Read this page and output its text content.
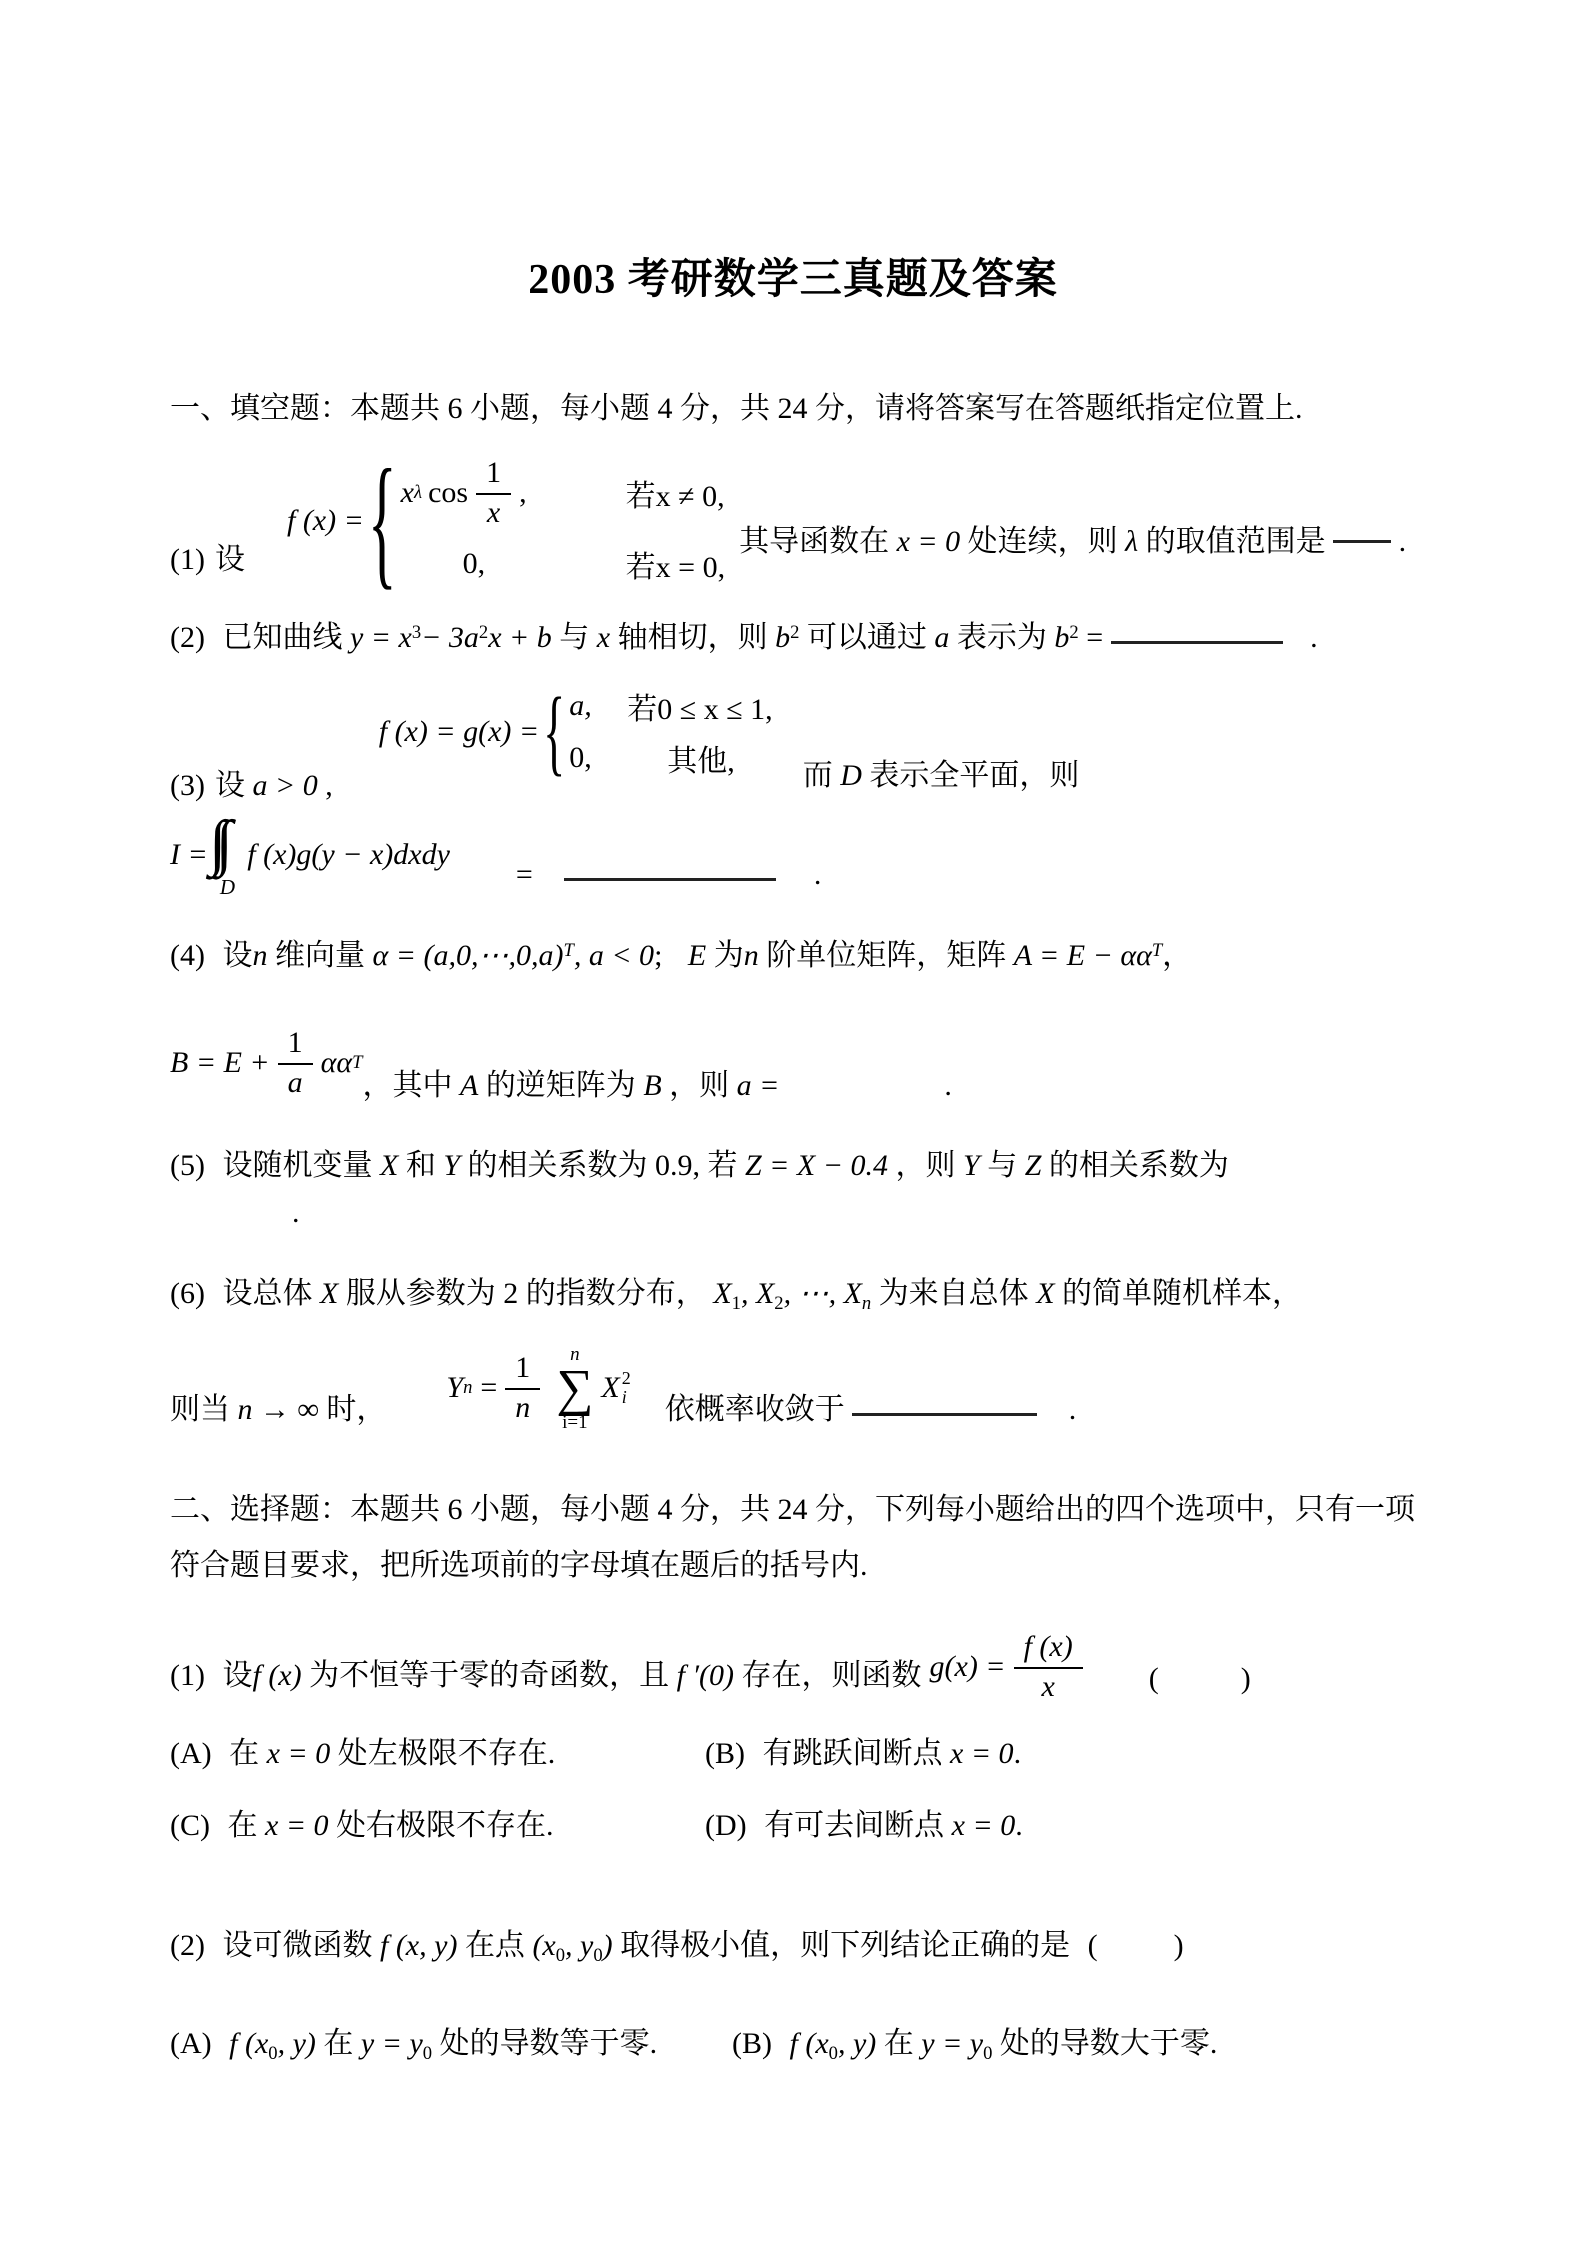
2003 考研数学三真题及答案
一、填空题：本题共 6 小题，每小题 4 分，共 24 分，请将答案写在答题纸指定位置上.
(1) 设
f (x) = { x λ $\cos \frac{1}{x}$ ,	若x ≠ 0,
0,	若x = 0,
其导函数在 x = 0 处连续，则 λ 的取值范围是 .
(2) 已知曲线 $y = x^3- 3a^2x + b$ 与 x 轴相切，则 $b^2$ 可以通过 a 表示为 $b^2$ =	.
(3) 设 a > 0 ,
f (x) = g(x) = { a,	若0 ≤ x ≤ 1,
0,	其他, 而 D 表示全平面，则
I =
D
f (x)g(y − x)dxdy
=	.
(4) 设n 维向量 α = (a,0,⋯,0,a)$^T$, a < 0; E 为n 阶单位矩阵，矩阵 $A = E - \alpha\alpha^T$，
$B = E + \frac{1}{a}$ αα T
，其中 A 的逆矩阵为 B ，则 a =	.
(5) 设随机变量 X 和 Y 的相关系数为 0.9, 若 Z = X − 0.4 ，则 Y 与 Z 的相关系数为
.
(6) 设总体 X 服从参数为 2 的指数分布， $X_1$, $X_2$, ⋯, $X_n$ 为来自总体 X 的简单随机样本，
则当 n → ∞ 时，
Y $n = \frac{1}{n}$ n
∑
i=1
X 2
i 依概率收敛于	.
二、选择题：本题共 6 小题，每小题 4 分，共 24 分，下列每小题给出的四个选项中，只有一项符合题目要求，把所选项前的字母填在题后的括号内.
(1) 设f (x) 为不恒等于零的奇函数，且 f ′(0) 存在，则函数 $g(x) = \frac{f (x)}{x}$ (	)
(A) 在 x = 0 处左极限不存在.	(B) 有跳跃间断点 x = 0.
(C) 在 x = 0 处右极限不存在.	(D) 有可去间断点 x = 0.
(2) 设可微函数 f (x, y) 在点 ($x_0$, $y_0$) 取得极小值，则下列结论正确的是 (	)
(A) f ($x_0$, y) 在 $y = y_0$ 处的导数等于零.	(B) f ($x_0$, y) 在 $y = y_0$ 处的导数大于零.
